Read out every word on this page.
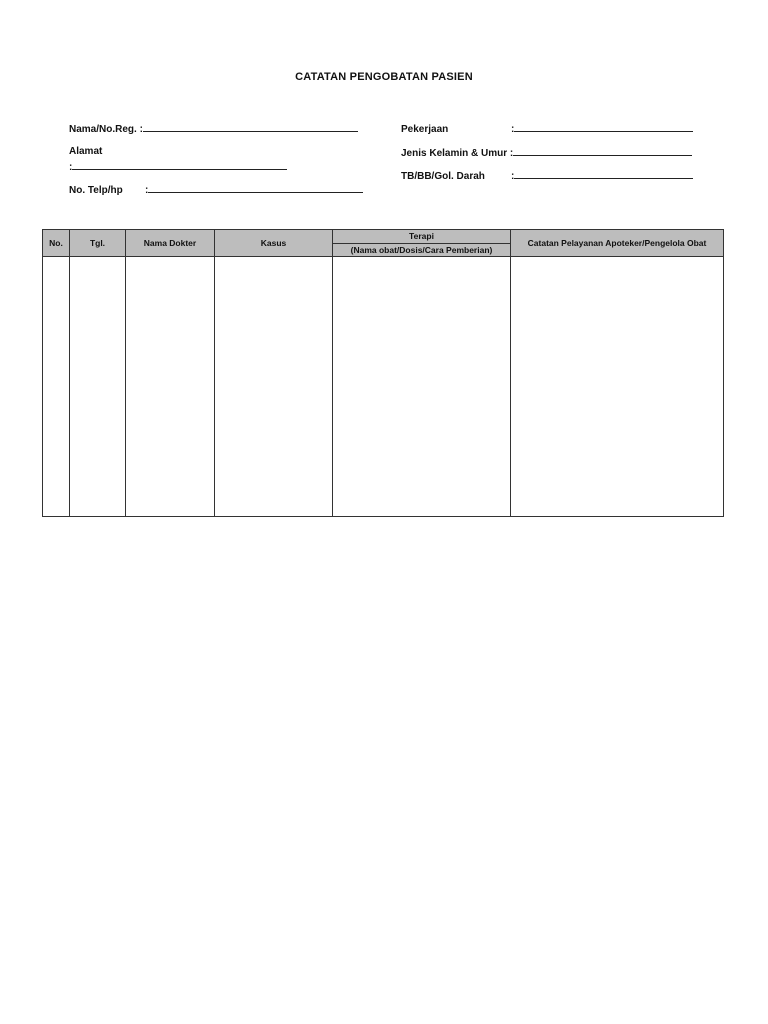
CATATAN PENGOBATAN PASIEN
Nama/No.Reg. :
Alamat
:
No. Telp/hp :
Pekerjaan	:
Jenis Kelamin & Umur :
TB/BB/Gol. Darah	:
No.	Tgl.	Nama Dokter	Kasus	Terapi	Catatan Pelayanan Apoteker/Pengelola Obat
				(Nama obat/Dosis/Cara Pemberian)	
